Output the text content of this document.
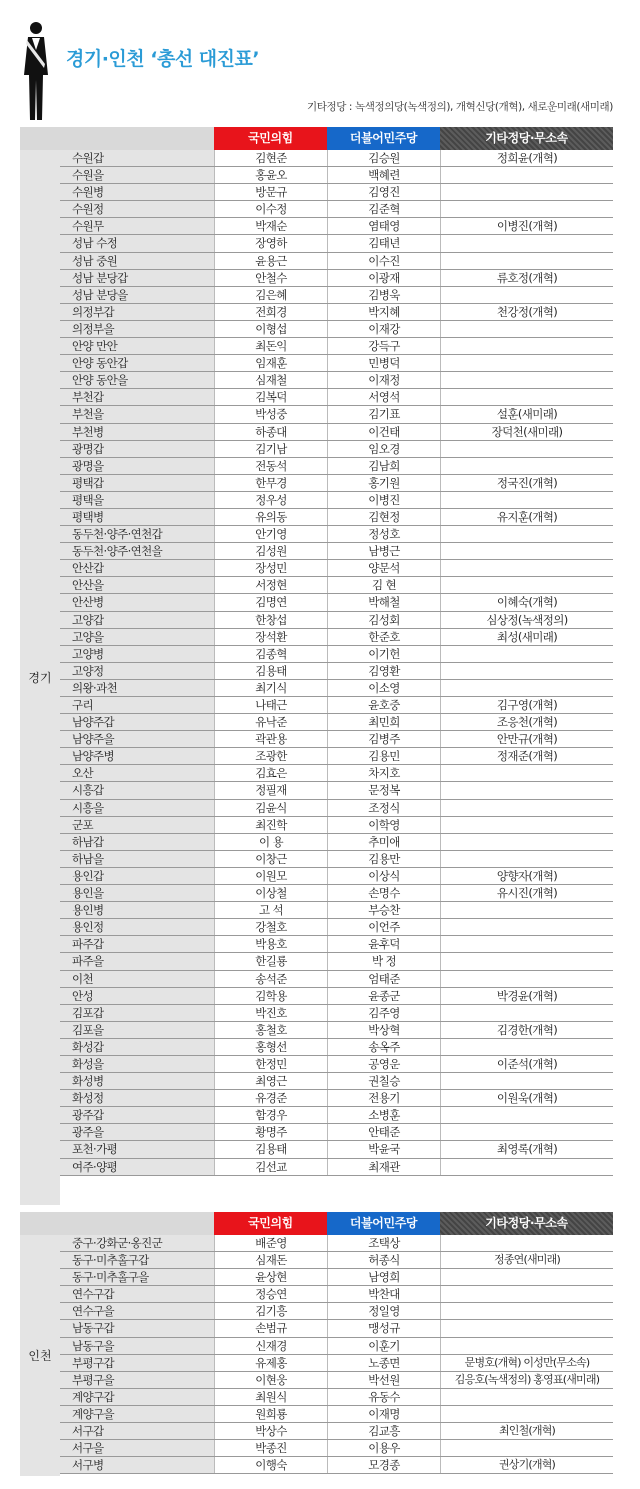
경기·인천 ‘총선 대진표’
기타정당 : 녹색정의당(녹색정의), 개혁신당(개혁), 새로운미래(새미래)
국민의힘	더불어민주당	기타정당·무소속
경기
수원갑	김현준	김승원	정희윤(개혁)
수원을	홍윤오	백혜련
수원병	방문규	김영진
수원정	이수정	김준혁
수원무	박재순	염태영	이병진(개혁)
성남 수정	장영하	김태년
성남 중원	윤용근	이수진
성남 분당갑	안철수	이광재	류호정(개혁)
성남 분당을	김은혜	김병욱
의정부갑	전희경	박지혜	천강정(개혁)
의정부을	이형섭	이재강
안양 만안	최돈익	강득구
안양 동안갑	임재훈	민병덕
안양 동안을	심재철	이재정
부천갑	김복덕	서영석
부천을	박성중	김기표	설훈(새미래)
부천병	하종대	이건태	장덕천(새미래)
광명갑	김기남	임오경
광명을	전동석	김남희
평택갑	한무경	홍기원	정국진(개혁)
평택을	정우성	이병진
평택병	유의동	김현정	유지훈(개혁)
동두천·양주·연천갑	안기영	정성호
동두천·양주·연천을	김성원	남병근
안산갑	장성민	양문석
안산을	서정현	김 현
안산병	김명연	박해철	이혜숙(개혁)
고양갑	한창섭	김성회	심상정(녹색정의)
고양을	장석환	한준호	최성(새미래)
고양병	김종혁	이기헌
고양정	김용태	김영환
의왕·과천	최기식	이소영
구리	나태근	윤호중	김구영(개혁)
남양주갑	유낙준	최민희	조응천(개혁)
남양주을	곽관용	김병주	안만규(개혁)
남양주병	조광한	김용민	정재준(개혁)
오산	김효은	차지호
시흥갑	정필재	문정복
시흥을	김윤식	조정식
군포	최진학	이학영
하남갑	이 용	추미애
하남을	이창근	김용만
용인갑	이원모	이상식	양향자(개혁)
용인을	이상철	손명수	유시진(개혁)
용인병	고 석	부승찬
용인정	강철호	이언주
파주갑	박용호	윤후덕
파주을	한길룡	박 정
이천	송석준	엄태준
안성	김학용	윤종군	박경윤(개혁)
김포갑	박진호	김주영
김포을	홍철호	박상혁	김경한(개혁)
화성갑	홍형선	송옥주
화성을	한정민	공영운	이준석(개혁)
화성병	최영근	권칠승
화성정	유경준	전용기	이원욱(개혁)
광주갑	함경우	소병훈
광주을	황명주	안태준
포천·가평	김용태	박윤국	최영록(개혁)
여주·양평	김선교	최재관
국민의힘	더불어민주당	기타정당·무소속
인천
중구·강화군·옹진군	배준영	조택상
동구·미추홀구갑	심재돈	허종식	정종연(새미래)
동구·미추홀구을	윤상현	남영희
연수구갑	정승연	박찬대
연수구을	김기흥	정일영
남동구갑	손범규	맹성규
남동구을	신재경	이훈기
부평구갑	유제홍	노종면	문병호(개혁) 이성만(무소속)
부평구을	이현웅	박선원	김응호(녹색정의) 홍영표(새미래)
계양구갑	최원식	유동수
계양구을	원희룡	이재명
서구갑	박상수	김교흥	최인철(개혁)
서구을	박종진	이용우
서구병	이행숙	모경종	권상기(개혁)
